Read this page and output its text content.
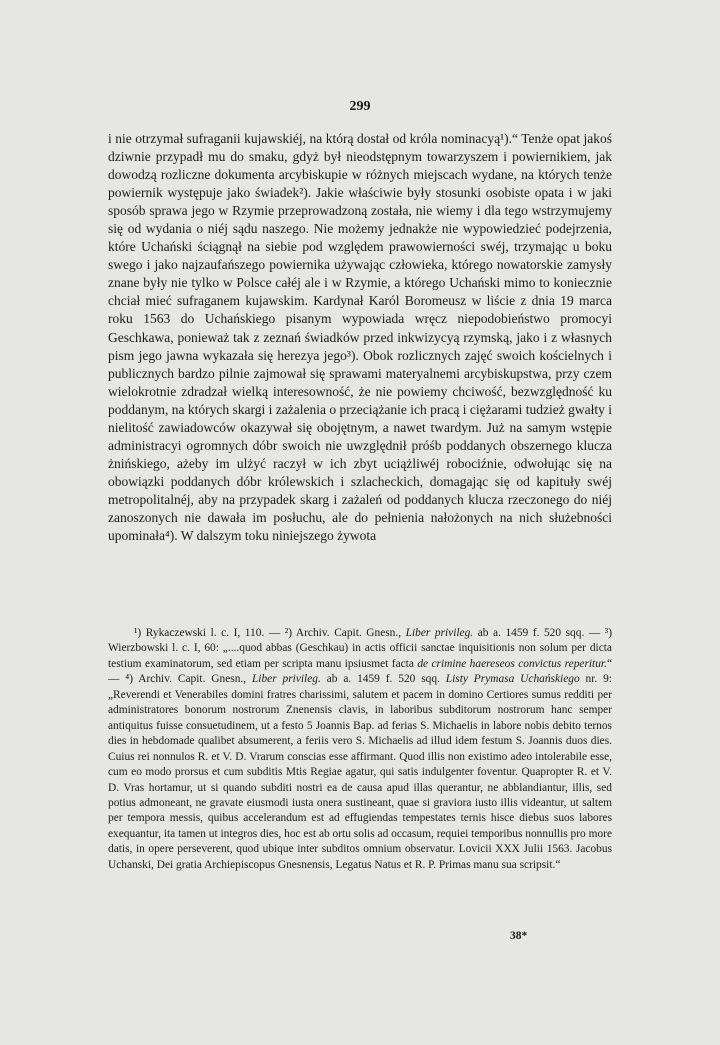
299

i nie otrzymał sufraganii kujawskiéj, na którą dostał od króla nominacyą¹).“ Tenże opat jakoś dziwnie przypadł mu do smaku, gdyż był nieodstępnym towarzyszem i powiernikiem, jak dowodzą rozliczne dokumenta arcybiskupie w różnych miejscach wydane, na których tenże powiernik występuje jako świadek²). Jakie właściwie były stosunki osobiste opata i w jaki sposób sprawa jego w Rzymie przeprowadzoną została, nie wiemy i dla tego wstrzymujemy się od wydania o niéj sądu naszego. Nie możemy jednakże nie wypowiedzieć podejrzenia, które Uchański ściągnął na siebie pod względem prawowierności swéj, trzymając u boku swego i jako najzaufańszego powiernika używając człowieka, którego nowatorskie zamysły znane były nie tylko w Polsce całéj ale i w Rzymie, a którego Uchański mimo to koniecznie chciał mieć sufraganem kujawskim. Kardynał Karól Boromeusz w liście z dnia 19 marca roku 1563 do Uchańskiego pisanym wypowiada wręcz niepodobieństwo promocyi Geschkawa, ponieważ tak z zeznań świadków przed inkwizycyą rzymską, jako i z własnych pism jego jawna wykazała się herezya jego³). Obok rozlicznych zajęć swoich kościelnych i publicznych bardzo pilnie zajmował się sprawami materyalnemi arcybiskupstwa, przy czem wielokrotnie zdradzał wielką interesowność, że nie powiemy chciwość, bezwzględność ku poddanym, na których skargi i zażalenia o przeciążanie ich pracą i ciężarami tudzież gwałty i nielitość zawiadowców okazywał się obojętnym, a nawet twardym. Już na samym wstępie administracyi ogromnych dóbr swoich nie uwzględnił próśb poddanych obszernego klucza żnińskiego, ażeby im ulżyć raczył w ich zbyt uciążliwéj robociźnie, odwołując się na obowiązki poddanych dóbr królewskich i szlacheckich, domagając się od kapituły swéj metropolitalnéj, aby na przypadek skarg i zażaleń od poddanych klucza rzeczonego do niéj zanoszonych nie dawała im posłuchu, ale do pełnienia nałożonych na nich służebności upominała⁴). W dalszym toku niniejszego żywota

¹) Rykaczewski l. c. I, 110. — ²) Archiv. Capit. Gnesn., Liber privileg. ab a. 1459 f. 520 sqq. — ³) Wierzbowski l. c. I, 60: „....quod abbas (Geschkau) in actis officii sanctae inquisitionis non solum per dicta testium examinatorum, sed etiam per scripta manu ipsiusmet facta de crimine haereseos convictus reperitur.“ — ⁴) Archiv. Capit. Gnesn., Liber privileg. ab a. 1459 f. 520 sqq. Listy Prymasa Uchańskiego nr. 9: „Reverendi et Venerabiles domini fratres charissimi, salutem et pacem in domino Certiores sumus redditi per administratores bonorum nostrorum Znenensis clavis, in laboribus subditorum nostrorum hanc semper antiquitus fuisse consuetudinem, ut a festo 5 Joannis Bap. ad ferias S. Michaelis in labore nobis debito ternos dies in hebdomade qualibet absumerent, a feriis vero S. Michaelis ad illud idem festum S. Joannis duos dies. Cuius rei nonnulos R. et V. D. Vrarum conscias esse affirmant. Quod illis non existimo adeo intolerabile esse, cum eo modo prorsus et cum subditis Mtis Regiae agatur, qui satis indulgenter foventur. Quapropter R. et V. D. Vras hortamur, ut si quando subditi nostri ea de causa apud illas querantur, ne abblandiantur, illis, sed potius admoneant, ne gravate eiusmodi iusta onera sustineant, quae si graviora iusto illis videantur, ut saltem per tempora messis, quibus accelerandum est ad effugiendas tempestates ternis hisce diebus suos labores exequantur, ita tamen ut integros dies, hoc est ab ortu solis ad occasum, requiei temporibus nonnullis pro more datis, in opere perseverent, quod ubique inter subditos omnium observatur. Lovicii XXX Julii 1563. Jacobus Uchanski, Dei gratia Archiepiscopus Gnesnensis, Legatus Natus et R. P. Primas manu sua scripsit.“

38*
